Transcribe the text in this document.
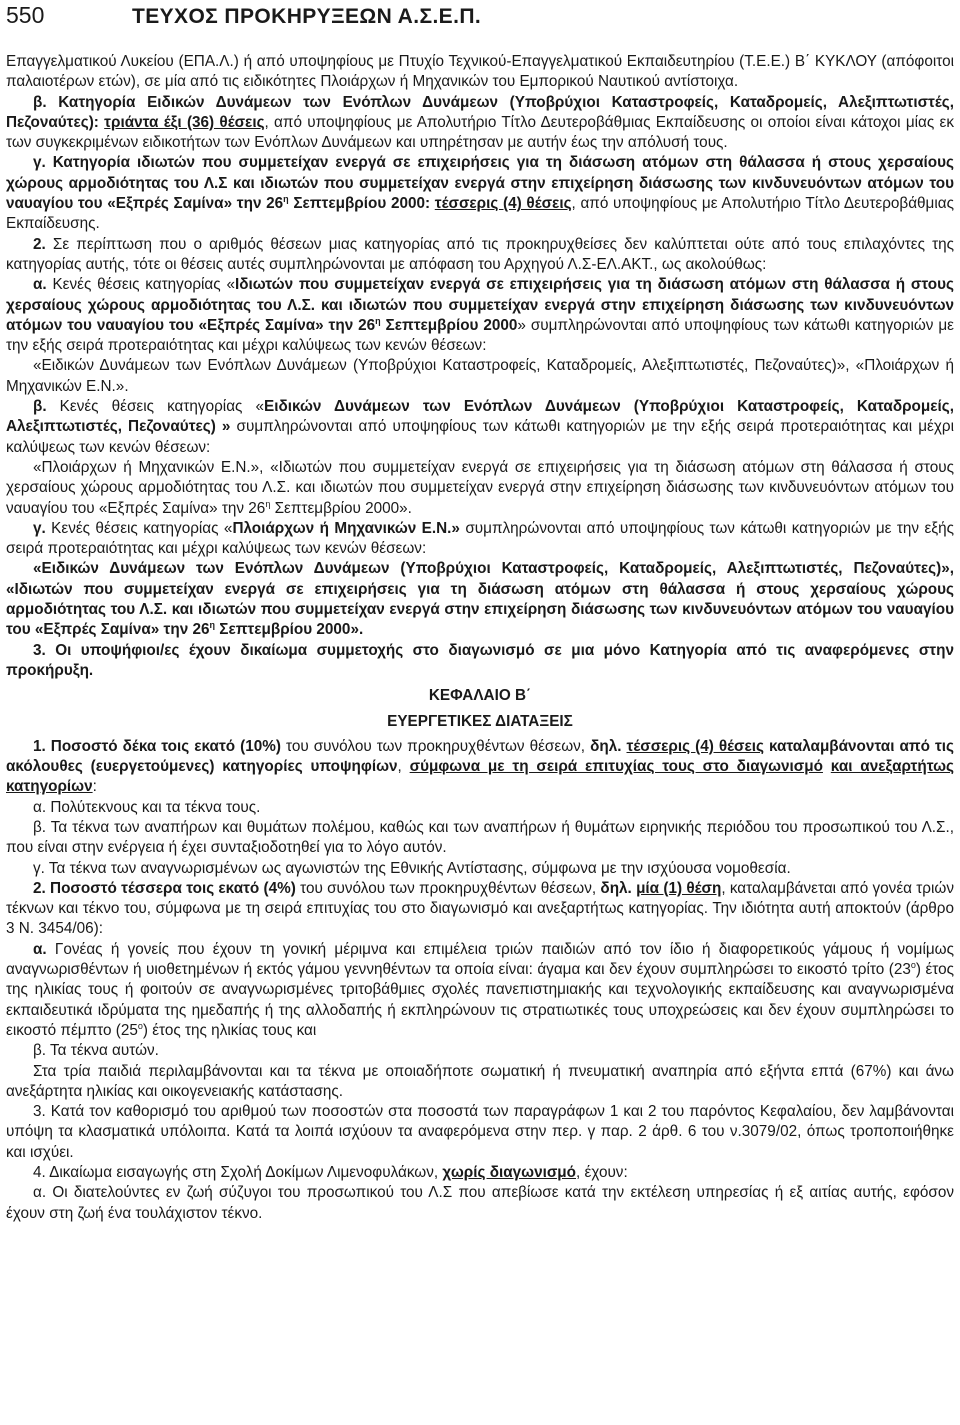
550	ΤΕΥΧΟΣ ΠΡΟΚΗΡΥΞΕΩΝ Α.Σ.Ε.Π.

Επαγγελματικού Λυκείου (ΕΠΑ.Λ.) ή από υποψηφίους με Πτυχίο Τεχνικού-Επαγγελματικού Εκπαιδευτηρίου (Τ.Ε.Ε.) Β΄ ΚΥΚΛΟΥ (απόφοιτοι παλαιοτέρων ετών), σε μία από τις ειδικότητες Πλοιάρχων ή Μηχανικών του Εμπορικού Ναυτικού αντίστοιχα.

β. Κατηγορία Ειδικών Δυνάμεων των Ενόπλων Δυνάμεων (Υποβρύχιοι Καταστροφείς, Καταδρομείς, Αλεξιπτωτιστές, Πεζοναύτες): τριάντα έξι (36) θέσεις, από υποψηφίους με Απολυτήριο Τίτλο Δευτεροβάθμιας Εκπαίδευσης οι οποίοι είναι κάτοχοι μίας εκ των συγκεκριμένων ειδικοτήτων των Ενόπλων Δυνάμεων και υπηρέτησαν με αυτήν έως την απόλυσή τους.

γ. Κατηγορία ιδιωτών που συμμετείχαν ενεργά σε επιχειρήσεις για τη διάσωση ατόμων στη θάλασσα ή στους χερσαίους χώρους αρμοδιότητας του Λ.Σ και ιδιωτών που συμμετείχαν ενεργά στην επιχείρηση διάσωσης των κινδυνευόντων ατόμων του ναυαγίου του «Εξπρές Σαμίνα» την $26^\eta$ Σεπτεμβρίου 2000: τέσσερις (4) θέσεις, από υποψηφίους με Απολυτήριο Τίτλο Δευτεροβάθμιας Εκπαίδευσης.

2. Σε περίπτωση που ο αριθμός θέσεων μιας κατηγορίας από τις προκηρυχθείσες δεν καλύπτεται ούτε από τους επιλαχόντες της κατηγορίας αυτής, τότε οι θέσεις αυτές συμπληρώνονται με απόφαση του Αρχηγού Λ.Σ-ΕΛ.ΑΚΤ., ως ακολούθως:

α. Κενές θέσεις κατηγορίας «Ιδιωτών που συμμετείχαν ενεργά σε επιχειρήσεις για τη διάσωση ατόμων στη θάλασσα ή στους χερσαίους χώρους αρμοδιότητας του Λ.Σ. και ιδιωτών που συμμετείχαν ενεργά στην επιχείρηση διάσωσης των κινδυνευόντων ατόμων του ναυαγίου του «Εξπρές Σαμίνα» την $26^\eta$ Σεπτεμβρίου 2000» συμπληρώνονται από υποψηφίους των κάτωθι κατηγοριών με την εξής σειρά προτεραιότητας και μέχρι καλύψεως των κενών θέσεων:

«Ειδικών Δυνάμεων των Ενόπλων Δυνάμεων (Υποβρύχιοι Καταστροφείς, Καταδρομείς, Αλεξιπτωτιστές, Πεζοναύτες)», «Πλοιάρχων ή Μηχανικών Ε.Ν.».

β. Κενές θέσεις κατηγορίας «Ειδικών Δυνάμεων των Ενόπλων Δυνάμεων (Υποβρύχιοι Καταστροφείς, Καταδρομείς, Αλεξιπτωτιστές, Πεζοναύτες) » συμπληρώνονται από υποψηφίους των κάτωθι κατηγοριών με την εξής σειρά προτεραιότητας και μέχρι καλύψεως των κενών θέσεων:

«Πλοιάρχων ή Μηχανικών Ε.Ν.», «Ιδιωτών που συμμετείχαν ενεργά σε επιχειρήσεις για τη διάσωση ατόμων στη θάλασσα ή στους χερσαίους χώρους αρμοδιότητας του Λ.Σ. και ιδιωτών που συμμετείχαν ενεργά στην επιχείρηση διάσωσης των κινδυνευόντων ατόμων του ναυαγίου του «Εξπρές Σαμίνα» την $26^\eta$ Σεπτεμβρίου 2000».

γ. Κενές θέσεις κατηγορίας «Πλοιάρχων ή Μηχανικών Ε.Ν.» συμπληρώνονται από υποψηφίους των κάτωθι κατηγοριών με την εξής σειρά προτεραιότητας και μέχρι καλύψεως των κενών θέσεων:

«Ειδικών Δυνάμεων των Ενόπλων Δυνάμεων (Υποβρύχιοι Καταστροφείς, Καταδρομείς, Αλεξιπτωτιστές, Πεζοναύτες)», «Ιδιωτών που συμμετείχαν ενεργά σε επιχειρήσεις για τη διάσωση ατόμων στη θάλασσα ή στους χερσαίους χώρους αρμοδιότητας του Λ.Σ. και ιδιωτών που συμμετείχαν ενεργά στην επιχείρηση διάσωσης των κινδυνευόντων ατόμων του ναυαγίου του «Εξπρές Σαμίνα» την $26^\eta$ Σεπτεμβρίου 2000».

3. Οι υποψήφιοι/ες έχουν δικαίωμα συμμετοχής στο διαγωνισμό σε μια μόνο Κατηγορία από τις αναφερόμενες στην προκήρυξη.

ΚΕΦΑΛΑΙΟ Β΄

ΕΥΕΡΓΕΤΙΚΕΣ ΔΙΑΤΑΞΕΙΣ

1. Ποσοστό δέκα τοις εκατό (10%) του συνόλου των προκηρυχθέντων θέσεων, δηλ. τέσσερις (4) θέσεις καταλαμβάνονται από τις ακόλουθες (ευεργετούμενες) κατηγορίες υποψηφίων, σύμφωνα με τη σειρά επιτυχίας τους στο διαγωνισμό και ανεξαρτήτως κατηγορίων:

α. Πολύτεκνους και τα τέκνα τους.

β. Τα τέκνα των αναπήρων και θυμάτων πολέμου, καθώς και των αναπήρων ή θυμάτων ειρηνικής περιόδου του προσωπικού του Λ.Σ., που είναι στην ενέργεια ή έχει συνταξιοδοτηθεί για το λόγο αυτόν.

γ. Τα τέκνα των αναγνωρισμένων ως αγωνιστών της Εθνικής Αντίστασης, σύμφωνα με την ισχύουσα νομοθεσία.

2. Ποσοστό τέσσερα τοις εκατό (4%) του συνόλου των προκηρυχθέντων θέσεων, δηλ. μία (1) θέση, καταλαμβάνεται από γονέα τριών τέκνων και τέκνο του, σύμφωνα με τη σειρά επιτυχίας του στο διαγωνισμό και ανεξαρτήτως κατηγορίας. Την ιδιότητα αυτή αποκτούν (άρθρο 3 Ν. 3454/06):

α. Γονέας ή γονείς που έχουν τη γονική μέριμνα και επιμέλεια τριών παιδιών από τον ίδιο ή διαφορετικούς γάμους ή νομίμως αναγνωρισθέντων ή υιοθετημένων ή εκτός γάμου γεννηθέντων τα οποία είναι: άγαμα και δεν έχουν συμπληρώσει το εικοστό τρίτο $(23^o)$ έτος της ηλικίας τους ή φοιτούν σε αναγνωρισμένες τριτοβάθμιες σχολές πανεπιστημιακής και τεχνολογικής εκπαίδευσης και αναγνωρισμένα εκπαιδευτικά ιδρύματα της ημεδαπής ή της αλλοδαπής ή εκπληρώνουν τις στρατιωτικές τους υποχρεώσεις και δεν έχουν συμπληρώσει το εικοστό πέμπτο $(25^o)$ έτος της ηλικίας τους και

β. Τα τέκνα αυτών.

Στα τρία παιδιά περιλαμβάνονται και τα τέκνα με οποιαδήποτε σωματική ή πνευματική αναπηρία από εξήντα επτά (67%) και άνω ανεξάρτητα ηλικίας και οικογενειακής κατάστασης.

3. Κατά τον καθορισμό του αριθμού των ποσοστών στα ποσοστά των παραγράφων 1 και 2 του παρόντος Κεφαλαίου, δεν λαμβάνονται υπόψη τα κλασματικά υπόλοιπα. Κατά τα λοιπά ισχύουν τα αναφερόμενα στην περ. γ παρ. 2 άρθ. 6 του ν.3079/02, όπως τροποποιήθηκε και ισχύει.

4. Δικαίωμα εισαγωγής στη Σχολή Δοκίμων Λιμενοφυλάκων, χωρίς διαγωνισμό, έχουν:

α. Οι διατελούντες εν ζωή σύζυγοι του προσωπικού του Λ.Σ που απεβίωσε κατά την εκτέλεση υπηρεσίας ή εξ αιτίας αυτής, εφόσον έχουν στη ζωή ένα τουλάχιστον τέκνο.
